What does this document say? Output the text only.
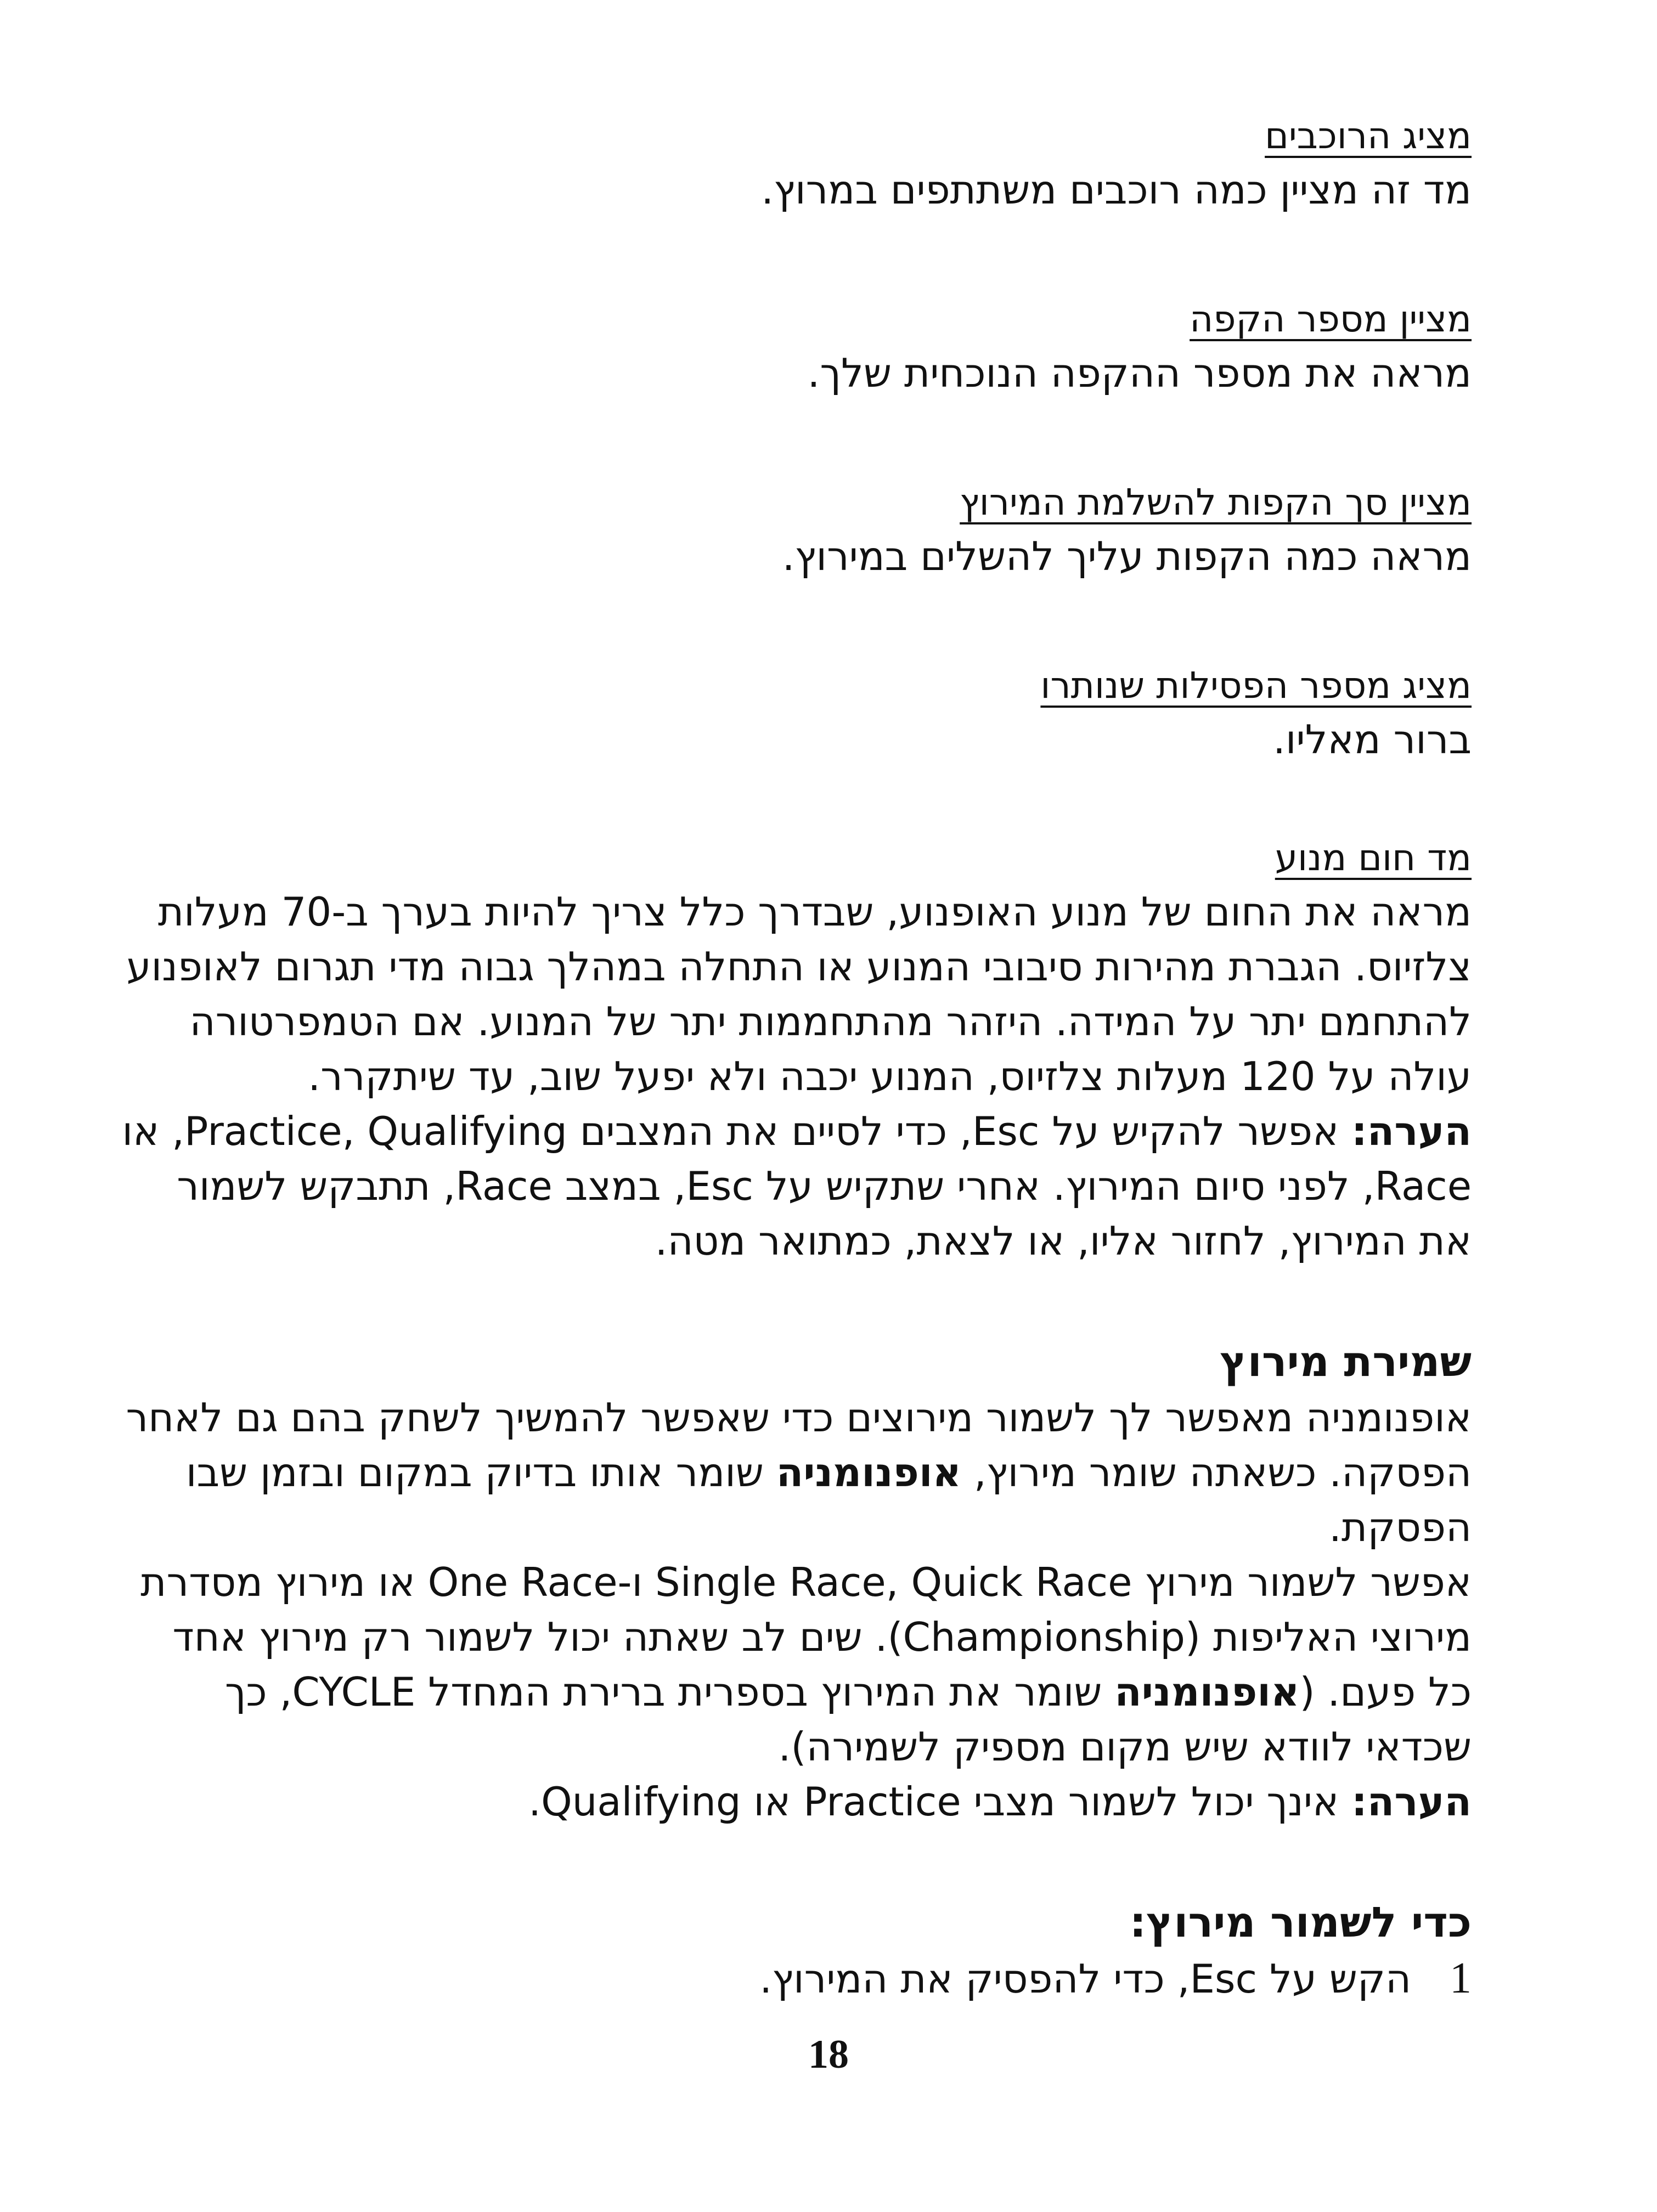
מציג הרוכבים

מד זה מציין כמה רוכבים משתתפים במרוץ.

מציין מספר הקפה

מראה את מספר ההקפה הנוכחית שלך.

מציין סך הקפות להשלמת המירוץ

מראה כמה הקפות עליך להשלים במירוץ.

מציג מספר הפסילות שנותרו

ברור מאליו.

מד חום מנוע

מראה את החום של מנוע האופנוע, שבדרך כלל צריך להיות בערך ב-70 מעלות

צלזיוס. הגברת מהירות סיבובי המנוע או התחלה במהלך גבוה מדי תגרום לאופנוע

להתחמם יתר על המידה. היזהר מהתחממות יתר של המנוע. אם הטמפרטורה

עולה על 120 מעלות צלזיוס, המנוע יכבה ולא יפעל שוב, עד שיתקרר.

הערה: אפשר להקיש על Esc, כדי לסיים את המצבים Practice, Qualifying, או

Race, לפני סיום המירוץ. אחרי שתקיש על Esc, במצב Race, תתבקש לשמור

את המירוץ, לחזור אליו, או לצאת, כמתואר מטה.

שמירת מירוץ

אופנומניה מאפשר לך לשמור מירוצים כדי שאפשר להמשיך לשחק בהם גם לאחר

הפסקה. כשאתה שומר מירוץ, אופנומניה שומר אותו בדיוק במקום ובזמן שבו

הפסקת.

אפשר לשמור מירוץ Single Race, Quick Race ו-One Race או מירוץ מסדרת

מירוצי האליפות (Championship). שים לב שאתה יכול לשמור רק מירוץ אחד

כל פעם. (אופנומניה שומר את המירוץ בספרית ברירת המחדל CYCLE, כך

שכדאי לוודא שיש מקום מספיק לשמירה).

הערה: אינך יכול לשמור מצבי Practice או Qualifying.

כדי לשמור מירוץ:

1
הקש על Esc, כדי להפסיק את המירוץ.
18
